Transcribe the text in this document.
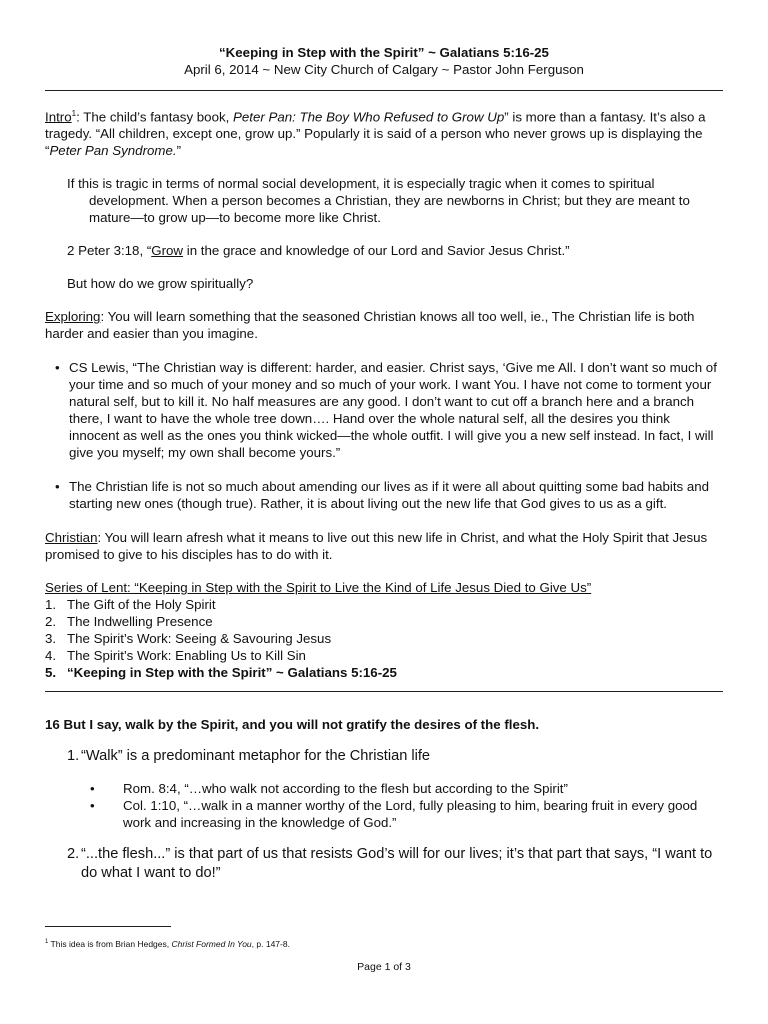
“Keeping in Step with the Spirit” ~ Galatians 5:16-25
April 6, 2014 ~ New City Church of Calgary ~ Pastor John Ferguson

Intro$^1$: The child’s fantasy book, Peter Pan: The Boy Who Refused to Grow Up” is more than a fantasy. It’s also a tragedy. “All children, except one, grow up.” Popularly it is said of a person who never grows up is displaying the “Peter Pan Syndrome.”

If this is tragic in terms of normal social development, it is especially tragic when it comes to spiritual development. When a person becomes a Christian, they are newborns in Christ; but they are meant to mature—to grow up—to become more like Christ.

2 Peter 3:18, “Grow in the grace and knowledge of our Lord and Savior Jesus Christ.”

But how do we grow spiritually?

Exploring: You will learn something that the seasoned Christian knows all too well, ie., The Christian life is both harder and easier than you imagine.

• CS Lewis, “The Christian way is different: harder, and easier. Christ says, ‘Give me All. I don’t want so much of your time and so much of your money and so much of your work. I want You. I have not come to torment your natural self, but to kill it. No half measures are any good. I don’t want to cut off a branch here and a branch there, I want to have the whole tree down…. Hand over the whole natural self, all the desires you think innocent as well as the ones you think wicked—the whole outfit. I will give you a new self instead. In fact, I will give you myself; my own shall become yours.”
• The Christian life is not so much about amending our lives as if it were all about quitting some bad habits and starting new ones (though true). Rather, it is about living out the new life that God gives to us as a gift.

Christian: You will learn afresh what it means to live out this new life in Christ, and what the Holy Spirit that Jesus promised to give to his disciples has to do with it.

Series of Lent: “Keeping in Step with the Spirit to Live the Kind of Life Jesus Died to Give Us”

1. The Gift of the Holy Spirit
2. The Indwelling Presence
3. The Spirit’s Work: Seeing & Savouring Jesus
4. The Spirit’s Work: Enabling Us to Kill Sin
5. “Keeping in Step with the Spirit” ~ Galatians 5:16-25

16 But I say, walk by the Spirit, and you will not gratify the desires of the flesh.

1. “Walk” is a predominant metaphor for the Christian life
• Rom. 8:4, “…who walk not according to the flesh but according to the Spirit”
• Col. 1:10, “…walk in a manner worthy of the Lord, fully pleasing to him, bearing fruit in every good work and increasing in the knowledge of God.”
2. “...the flesh...” is that part of us that resists God’s will for our lives; it’s that part that says, “I want to do what I want to do!”
$^1$ This idea is from Brian Hedges, Christ Formed In You, p. 147-8.
Page 1 of 3
